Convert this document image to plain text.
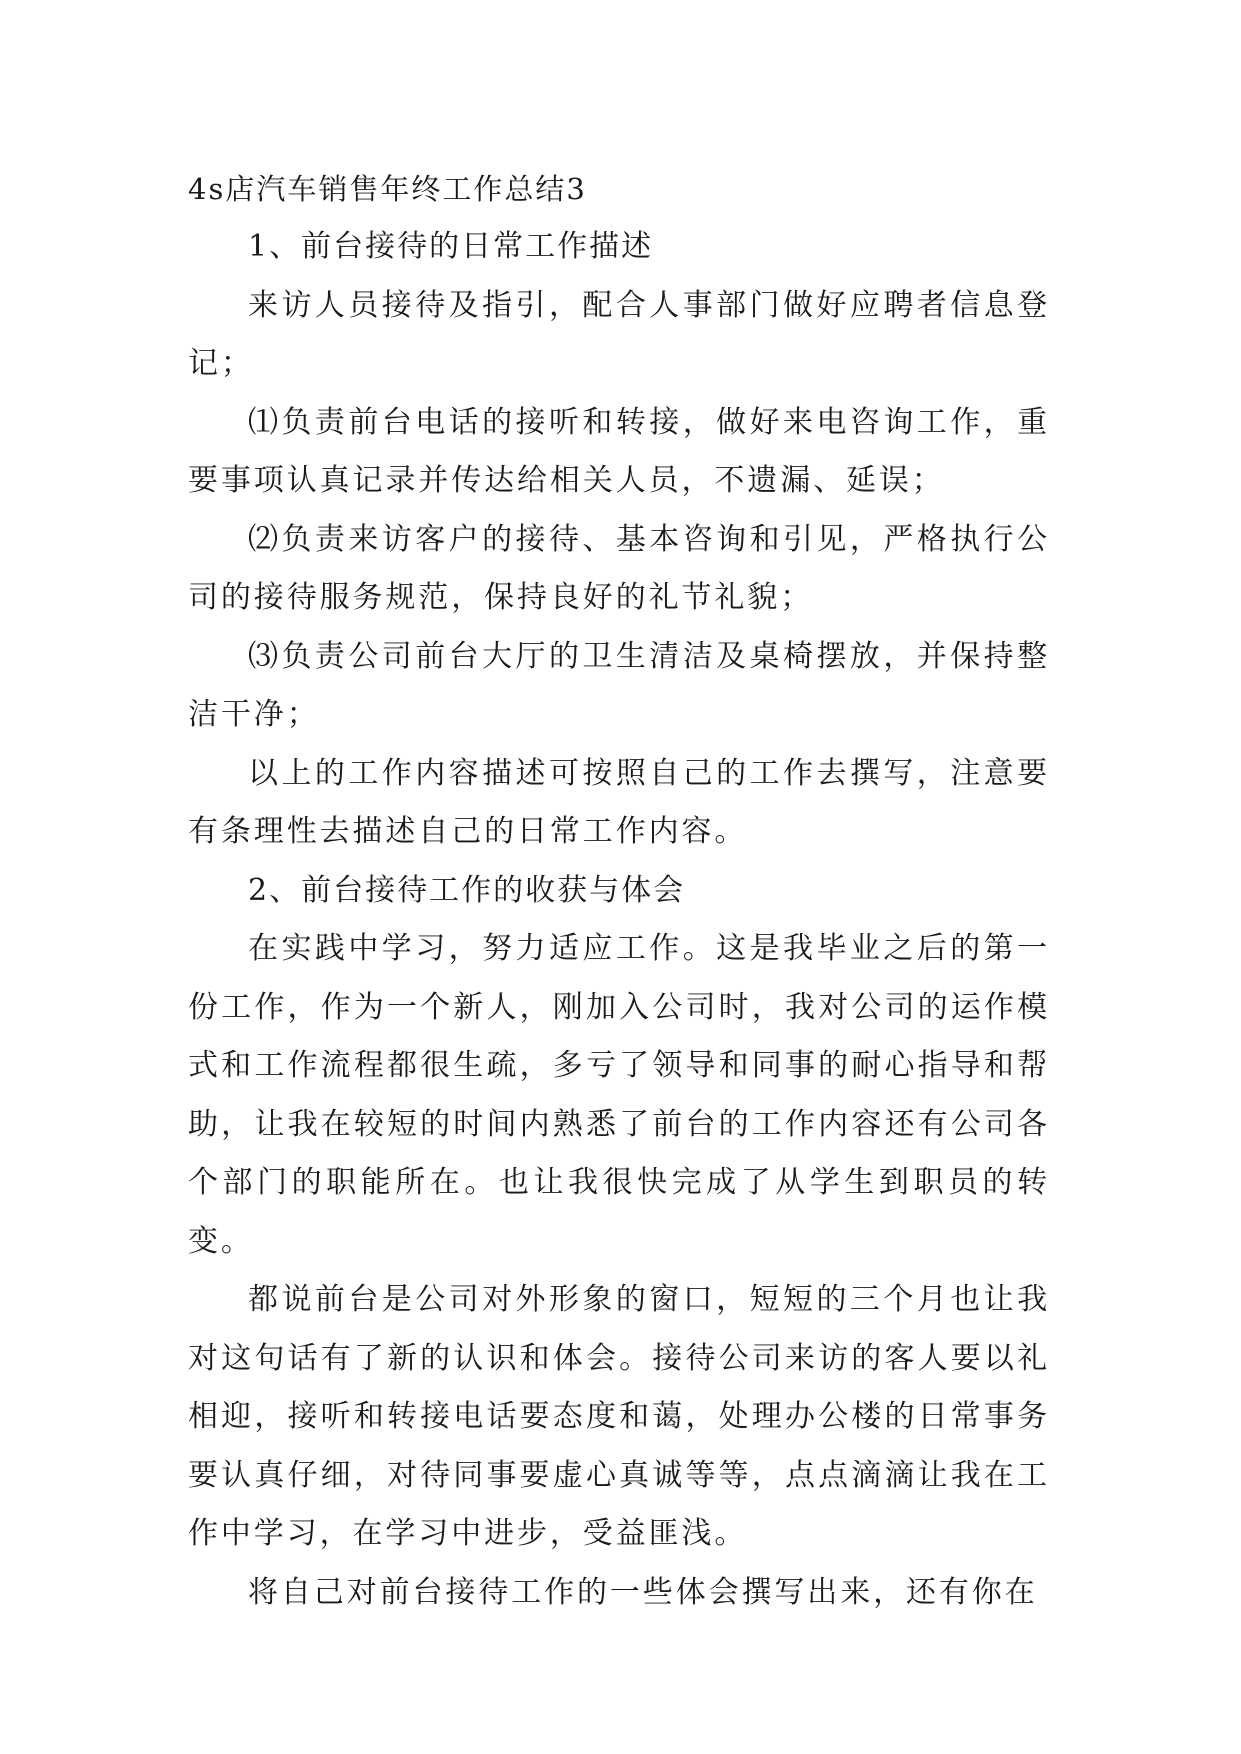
4s店汽车销售年终工作总结3

1、前台接待的日常工作描述

来访人员接待及指引，配合人事部门做好应聘者信息登记；

⑴负责前台电话的接听和转接，做好来电咨询工作，重要事项认真记录并传达给相关人员，不遗漏、延误；

⑵负责来访客户的接待、基本咨询和引见，严格执行公司的接待服务规范，保持良好的礼节礼貌；

⑶负责公司前台大厅的卫生清洁及桌椅摆放，并保持整洁干净；

以上的工作内容描述可按照自己的工作去撰写，注意要有条理性去描述自己的日常工作内容。

2、前台接待工作的收获与体会

在实践中学习，努力适应工作。这是我毕业之后的第一份工作，作为一个新人，刚加入公司时，我对公司的运作模式和工作流程都很生疏，多亏了领导和同事的耐心指导和帮助，让我在较短的时间内熟悉了前台的工作内容还有公司各个部门的职能所在。也让我很快完成了从学生到职员的转变。

都说前台是公司对外形象的窗口，短短的三个月也让我对这句话有了新的认识和体会。接待公司来访的客人要以礼相迎，接听和转接电话要态度和蔼，处理办公楼的日常事务要认真仔细，对待同事要虚心真诚等等，点点滴滴让我在工作中学习，在学习中进步，受益匪浅。

将自己对前台接待工作的一些体会撰写出来，还有你在
